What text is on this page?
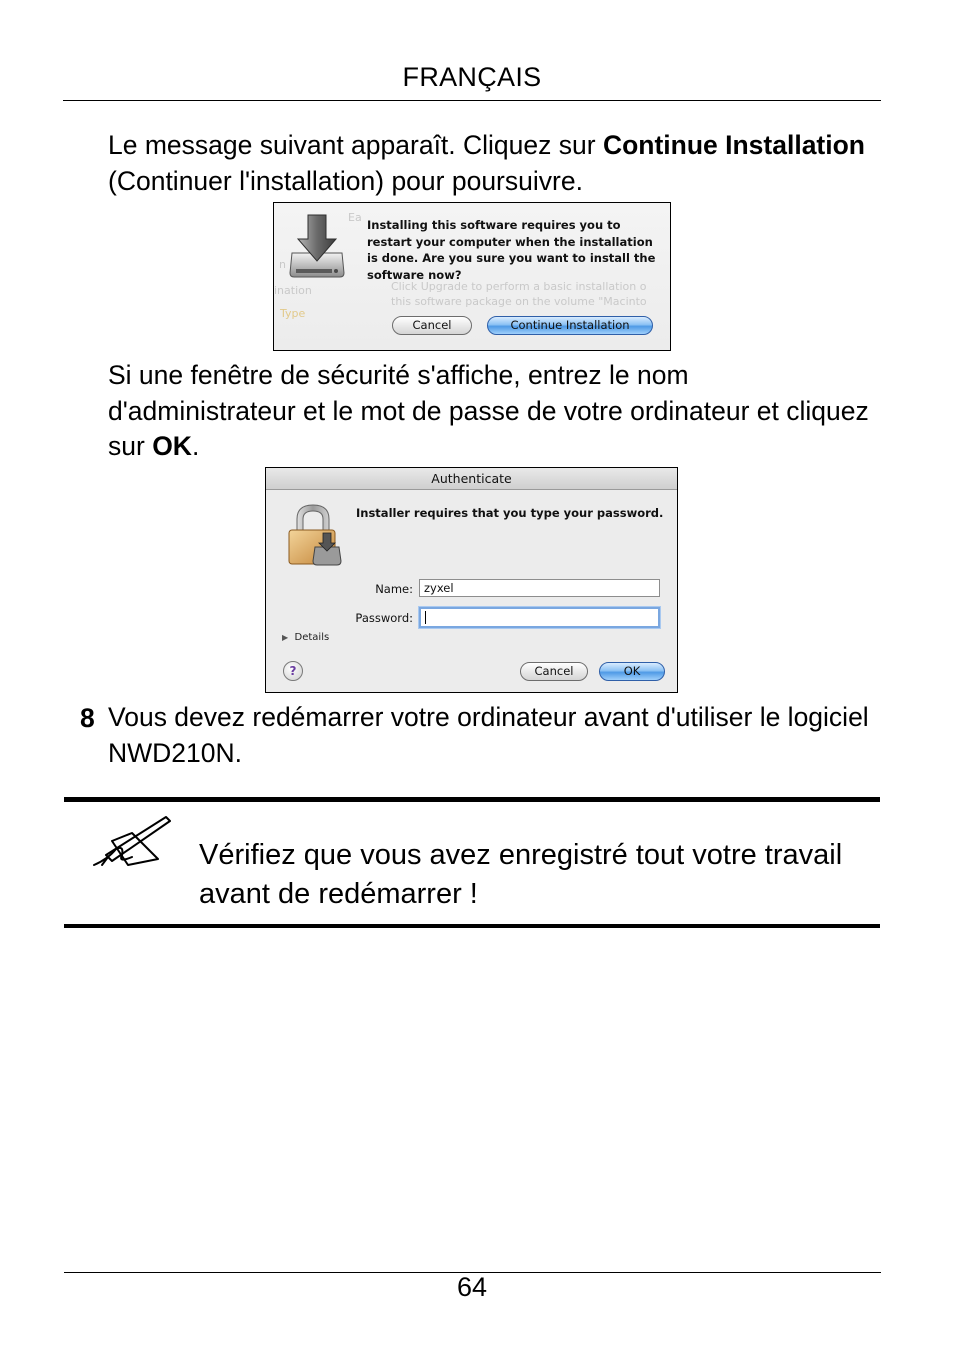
FRANÇAIS
Le message suivant apparaît. Cliquez sur Continue Installation (Continuer l'installation) pour poursuivre.
Ea
n
ination
Type
Click Upgrade to perform a basic installation o
this software package on the volume "Macinto
Installing this software requires you to restart your computer when the installation is done. Are you sure you want to install the software now?
Cancel	Continue Installation
Si une fenêtre de sécurité s'affiche, entrez le nom d'administrateur et le mot de passe de votre ordinateur et cliquez sur OK.
Authenticate
Installer requires that you type your password.
Name: zyxel
Password:
▶ Details
?	Cancel	OK
8 Vous devez redémarrer votre ordinateur avant d'utiliser le logiciel NWD210N.
Vérifiez que vous avez enregistré tout votre travail avant de redémarrer !
64
